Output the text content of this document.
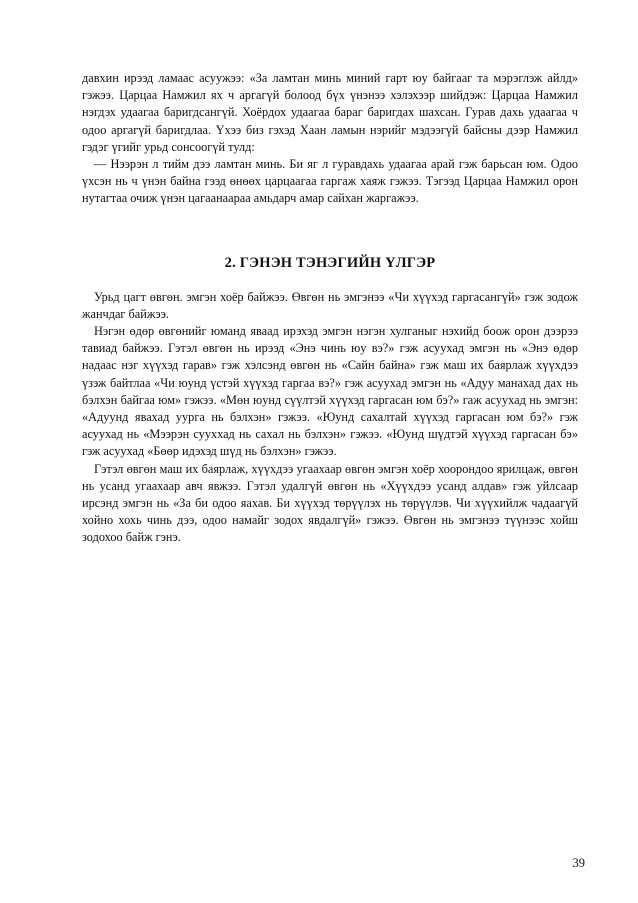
давхин ирээд ламаас асуужээ: «За ламтан минь миний гарт юу байгааг та мэрэглэж айлд» гэжээ. Царцаа Намжил ях ч аргагүй болоод бүх үнэнээ хэлэхээр шийдэж: Царцаа Намжил нэгдэх удаагаа баригдсангүй. Хоёрдох удаагаа бараг баригдах шахсан. Гурав дахь удаагаа ч одоо аргагүй баригдлаа. Үхээ биз гэхэд Хаан ламын нэрийг мэдээгүй байсны дээр Намжил гэдэг үгийг урьд сонсоогүй тулд:

— Нээрэн л тийм дээ ламтан минь. Би яг л гуравдахь удаагаа арай гэж барьсан юм. Одоо үхсэн нь ч үнэн байна гээд өнөөх царцаагаа гаргаж хаяж гэжээ. Тэгээд Царцаа Намжил орон нутагтаа очиж үнэн цагаанаараа амьдарч амар сайхан жаргажээ.

2. ГЭНЭН ТЭНЭГИЙН ҮЛГЭР

Урьд цагт өвгөн. эмгэн хоёр байжээ. Өвгөн нь эмгэнээ «Чи хүүхэд гаргасангүй» гэж зодож жанчдаг байжээ.

Нэгэн өдөр өвгөнийг юманд яваад ирэхэд эмгэн нэгэн хулганыг нэхийд боож орон дээрээ тавиад байжээ. Гэтэл өвгөн нь ирээд «Энэ чинь юу вэ?» гэж асуухад эмгэн нь «Энэ өдөр надаас нэг хүүхэд гарав» гэж хэлсэнд өвгөн нь «Сайн байна» гэж маш их баярлаж хүүхдээ үзэж байтлаа «Чи юунд үстэй хүүхэд гаргаа вэ?» гэж асуухад эмгэн нь «Адуу манахад дах нь бэлхэн байгаа юм» гэжээ. «Мөн юунд сүүлтэй хүүхэд гаргасан юм бэ?» гаж асуухад нь эмгэн: «Адуунд явахад уурга нь бэлхэн» гэжээ. «Юунд сахалтай хүүхэд гаргасан юм бэ?» гэж асуухад нь «Мээрэн сууххад нь сахал нь бэлхэн» гэжээ. «Юунд шүдтэй хүүхэд гаргасан бэ» гэж асуухад «Бөөр идэхэд шүд нь бэлхэн» гэжээ.

Гэтэл өвгөн маш их баярлаж, хүүхдээ угаахаар өвгөн эмгэн хоёр хоорондоо ярилцаж, өвгөн нь усанд угаахаар авч явжээ. Гэтэл удалгүй өвгөн нь «Хүүхдээ усанд алдав» гэж уйлсаар ирсэнд эмгэн нь «За би одоо яахав. Би хүүхэд төрүүлэх нь төрүүлэв. Чи хүүхийлж чадаагүй хойно хохь чинь дээ, одоо намайг зодох явдалгүй» гэжээ. Өвгөн нь эмгэнээ түүнээс хойш зодохоо байж гэнэ.

39
